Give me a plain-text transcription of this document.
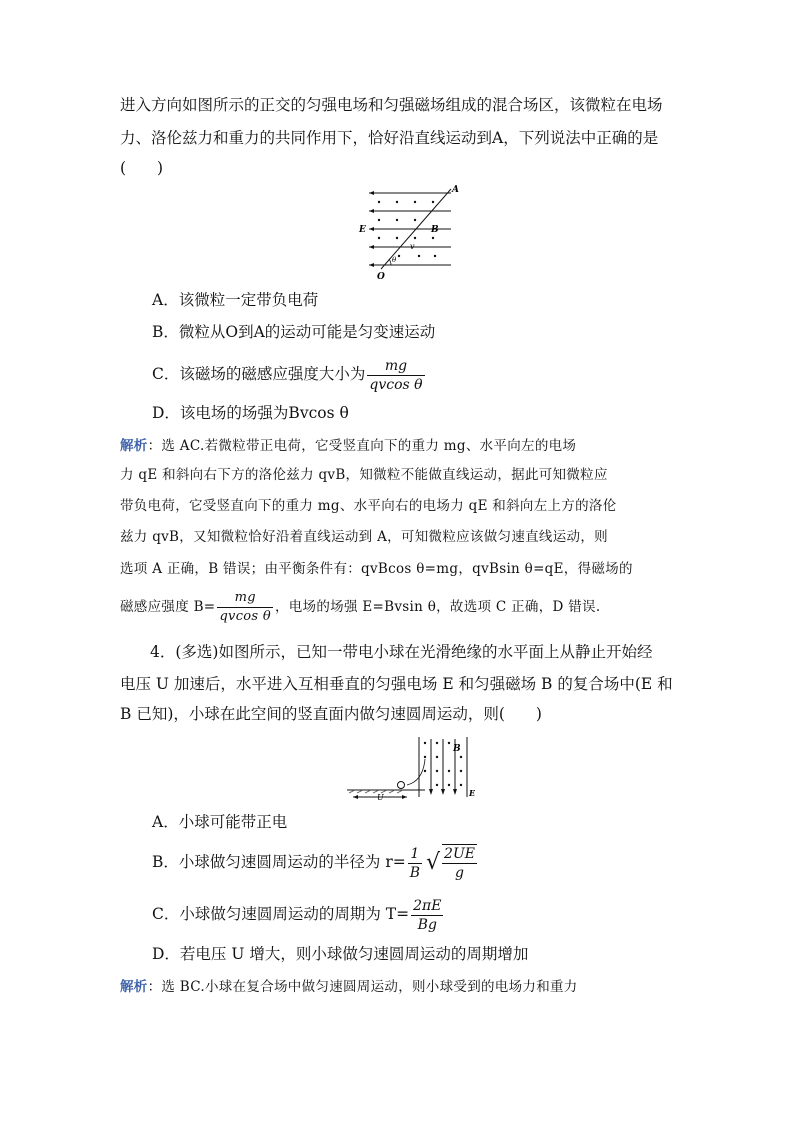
进入方向如图所示的正交的匀强电场和匀强磁场组成的混合场区，该微粒在电场
力、洛伦兹力和重力的共同作用下，恰好沿直线运动到A，下列说法中正确的是
(　　)
A
E	B
v
θ
O
A．该微粒一定带负电荷
B．微粒从O到A的运动可能是匀变速运动
C．该磁场的磁感应强度大小为 $\frac{mg}{\text{qvcos θ}}$
D．该电场的场强为Bvcos θ
解析：选 AC.若微粒带正电荷，它受竖直向下的重力 mg、水平向左的电场
力 qE 和斜向右下方的洛伦兹力 qvB，知微粒不能做直线运动，据此可知微粒应
带负电荷，它受竖直向下的重力 mg、水平向右的电场力 qE 和斜向左上方的洛伦
兹力 qvB，又知微粒恰好沿着直线运动到 A，可知微粒应该做匀速直线运动，则
选项 A 正确，B 错误；由平衡条件有：qvBcos θ=mg，qvBsin θ=qE，得磁场的
磁感应强度 $B= \frac{mg}{\text{qvcos θ}}$ ，电场的场强 E=Bvsin θ，故选项 C 正确，D 错误.
4．(多选)如图所示，已知一带电小球在光滑绝缘的水平面上从静止开始经
电压 U 加速后，水平进入互相垂直的匀强电场 E 和匀强磁场 B 的复合场中(E 和
B 已知)，小球在此空间的竖直面内做匀速圆周运动，则(　　)
B
U	E
A．小球可能带正电
B．小球做匀速圆周运动的半径为 $r= \frac{1}{B}$ √ $\frac{2UE}{g}$
C．小球做匀速圆周运动的周期为 $T= \frac{2\pi E}{Bg}$
D．若电压 U 增大，则小球做匀速圆周运动的周期增加
解析：选 BC.小球在复合场中做匀速圆周运动，则小球受到的电场力和重力
